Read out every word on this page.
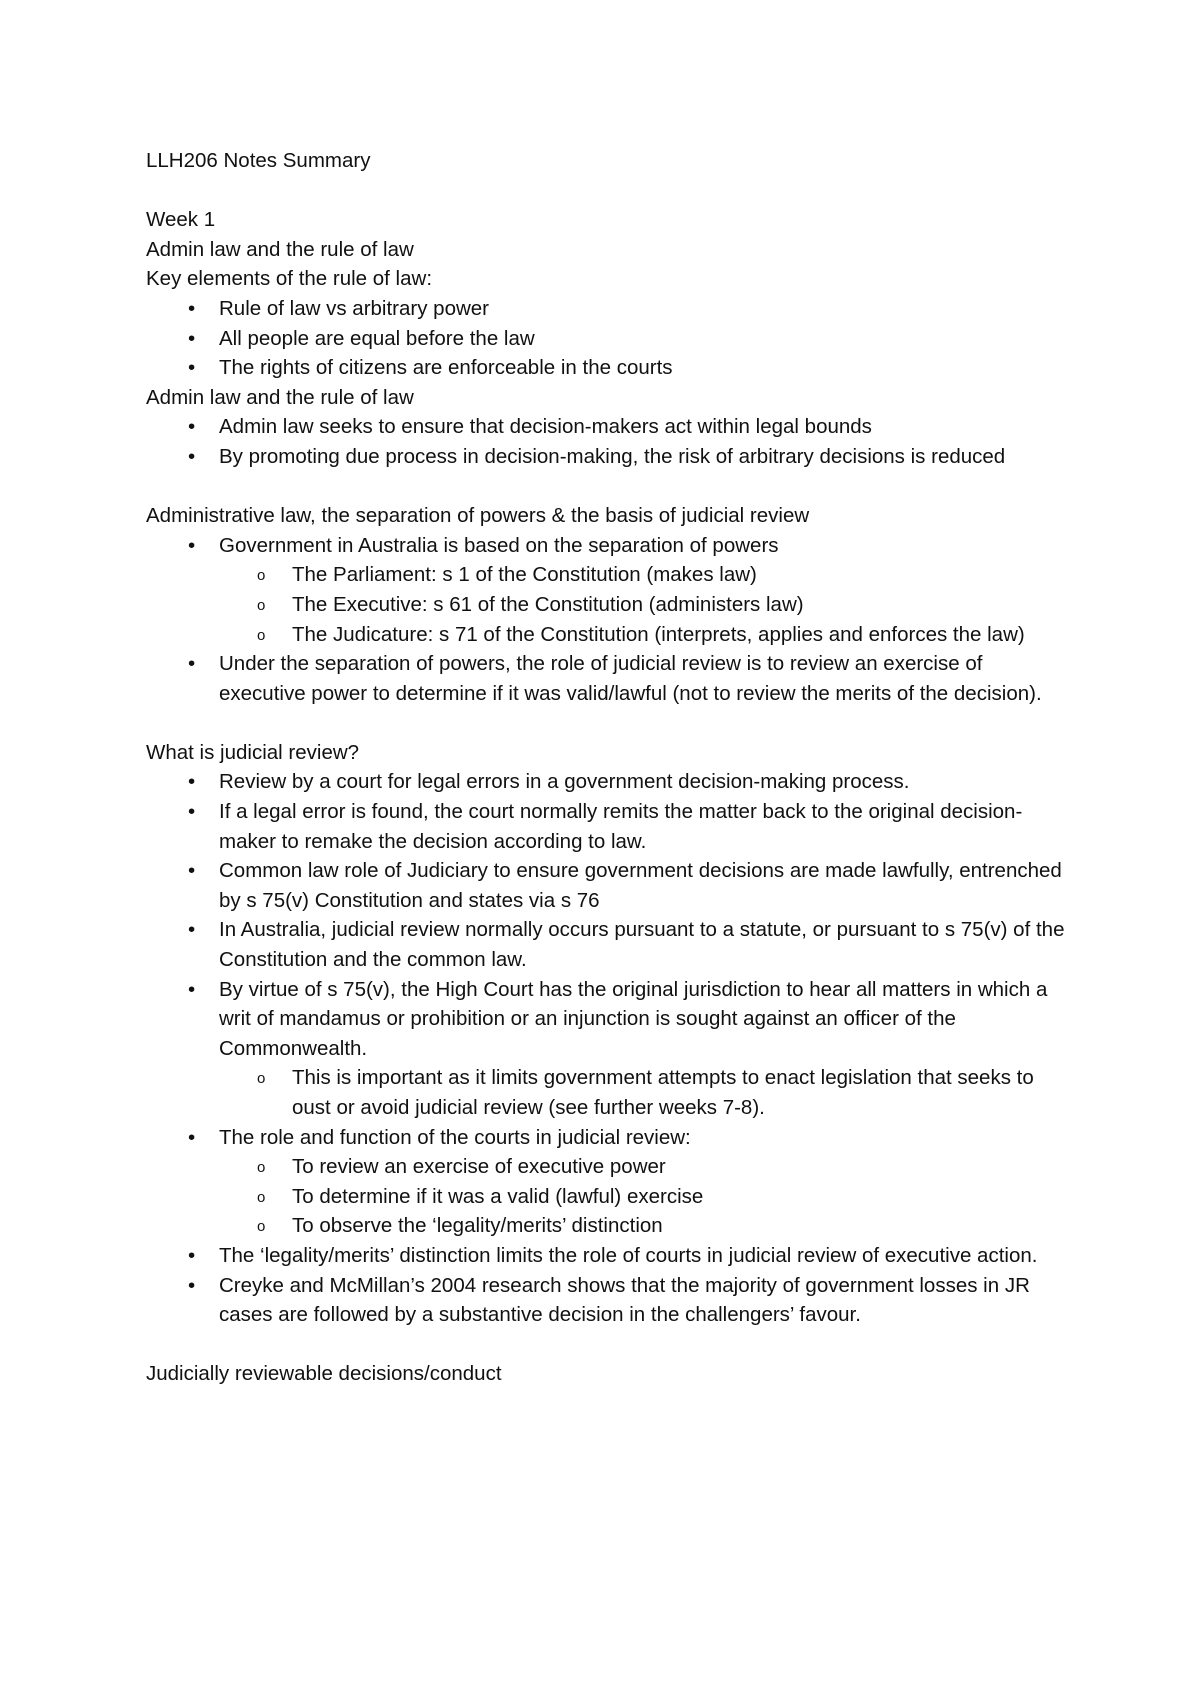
LLH206 Notes Summary

Week 1

Admin law and the rule of law

Key elements of the rule of law:

• Rule of law vs arbitrary power
• All people are equal before the law
• The rights of citizens are enforceable in the courts

Admin law and the rule of law

• Admin law seeks to ensure that decision-makers act within legal bounds
• By promoting due process in decision-making, the risk of arbitrary decisions is reduced

Administrative law, the separation of powers & the basis of judicial review

• Government in Australia is based on the separation of powers
o The Parliament: s 1 of the Constitution (makes law)
o The Executive: s 61 of the Constitution (administers law)
o The Judicature: s 71 of the Constitution (interprets, applies and enforces the law)
• Under the separation of powers, the role of judicial review is to review an exercise of executive power to determine if it was valid/lawful (not to review the merits of the decision).

What is judicial review?

• Review by a court for legal errors in a government decision-making process.
• If a legal error is found, the court normally remits the matter back to the original decision-maker to remake the decision according to law.
• Common law role of Judiciary to ensure government decisions are made lawfully, entrenched by s 75(v) Constitution and states via s 76
• In Australia, judicial review normally occurs pursuant to a statute, or pursuant to s 75(v) of the Constitution and the common law.
• By virtue of s 75(v), the High Court has the original jurisdiction to hear all matters in which a writ of mandamus or prohibition or an injunction is sought against an officer of the Commonwealth.
o This is important as it limits government attempts to enact legislation that seeks to oust or avoid judicial review (see further weeks 7-8).
• The role and function of the courts in judicial review:
o To review an exercise of executive power
o To determine if it was a valid (lawful) exercise
o To observe the ‘legality/merits’ distinction
• The ‘legality/merits’ distinction limits the role of courts in judicial review of executive action.
• Creyke and McMillan’s 2004 research shows that the majority of government losses in JR cases are followed by a substantive decision in the challengers’ favour.

Judicially reviewable decisions/conduct
